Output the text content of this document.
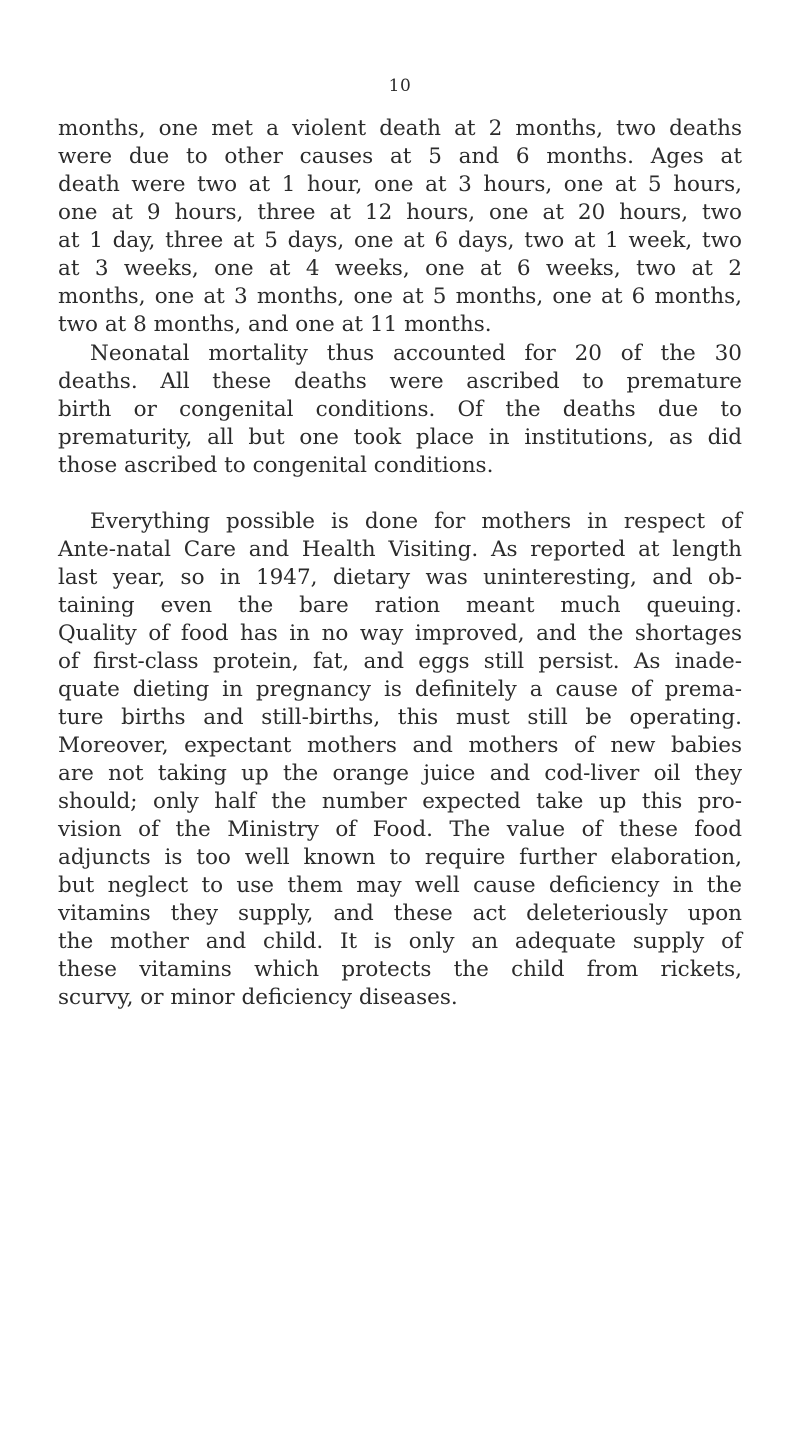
10
months, one met a violent death at 2 months, two deaths
were due to other causes at 5 and 6 months. Ages at
death were two at 1 hour, one at 3 hours, one at 5 hours,
one at 9 hours, three at 12 hours, one at 20 hours, two
at 1 day, three at 5 days, one at 6 days, two at 1 week, two
at 3 weeks, one at 4 weeks, one at 6 weeks, two at 2
months, one at 3 months, one at 5 months, one at 6 months,
two at 8 months, and one at 11 months.
Neonatal mortality thus accounted for 20 of the 30
deaths. All these deaths were ascribed to premature
birth or congenital conditions. Of the deaths due to
prematurity, all but one took place in institutions, as did
those ascribed to congenital conditions.
Everything possible is done for mothers in respect of
Ante-natal Care and Health Visiting. As reported at length
last year, so in 1947, dietary was uninteresting, and ob-
taining even the bare ration meant much queuing.
Quality of food has in no way improved, and the shortages
of first-class protein, fat, and eggs still persist. As inade-
quate dieting in pregnancy is definitely a cause of prema-
ture births and still-births, this must still be operating.
Moreover, expectant mothers and mothers of new babies
are not taking up the orange juice and cod-liver oil they
should; only half the number expected take up this pro-
vision of the Ministry of Food. The value of these food
adjuncts is too well known to require further elaboration,
but neglect to use them may well cause deficiency in the
vitamins they supply, and these act deleteriously upon
the mother and child. It is only an adequate supply of
these vitamins which protects the child from rickets,
scurvy, or minor deficiency diseases.
